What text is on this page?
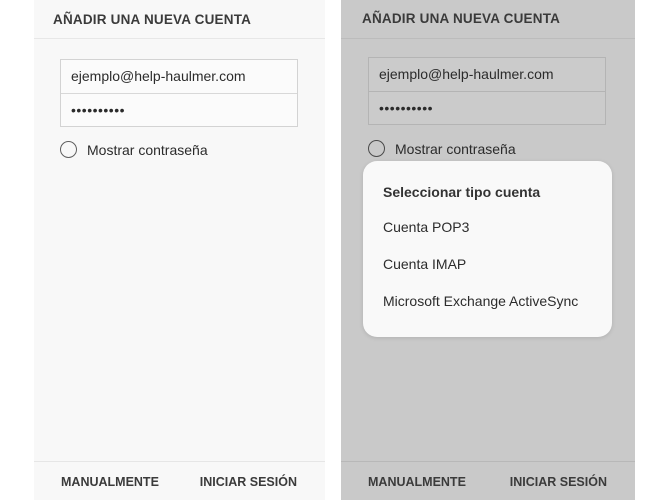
AÑADIR UNA NUEVA CUENTA
ejemplo@help-haulmer.com
••••••••••
Mostrar contraseña
MANUALMENTE	INICIAR SESIÓN
AÑADIR UNA NUEVA CUENTA
ejemplo@help-haulmer.com
••••••••••
Mostrar contraseña
Seleccionar tipo cuenta
Cuenta POP3
Cuenta IMAP
Microsoft Exchange ActiveSync
MANUALMENTE	INICIAR SESIÓN
